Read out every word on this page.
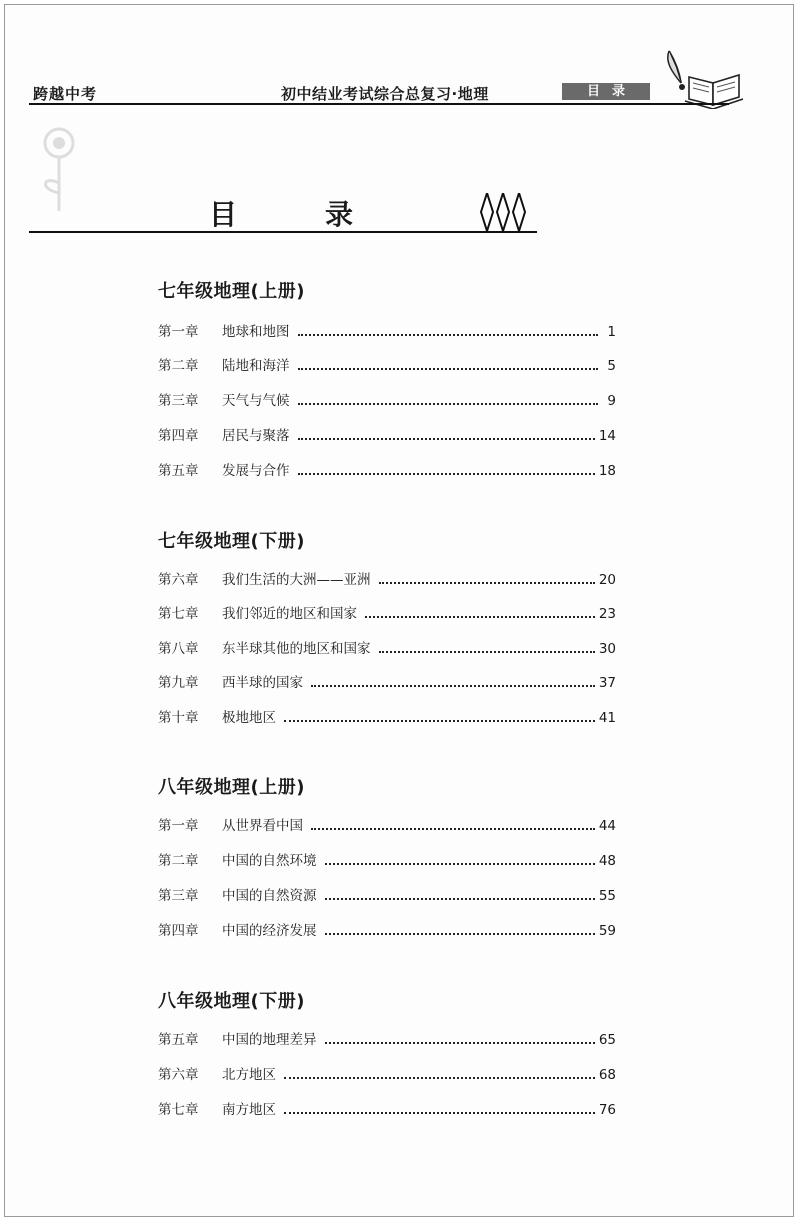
跨越中考	初中结业考试综合总复习·地理	目录
目	录
七年级地理(上册)
第一章	地球和地图	1
第二章	陆地和海洋	5
第三章	天气与气候	9
第四章	居民与聚落	14
第五章	发展与合作	18
七年级地理(下册)
第六章	我们生活的大洲——亚洲	20
第七章	我们邻近的地区和国家	23
第八章	东半球其他的地区和国家	30
第九章	西半球的国家	37
第十章	极地地区	41
八年级地理(上册)
第一章	从世界看中国	44
第二章	中国的自然环境	48
第三章	中国的自然资源	55
第四章	中国的经济发展	59
八年级地理(下册)
第五章	中国的地理差异	65
第六章	北方地区	68
第七章	南方地区	76
